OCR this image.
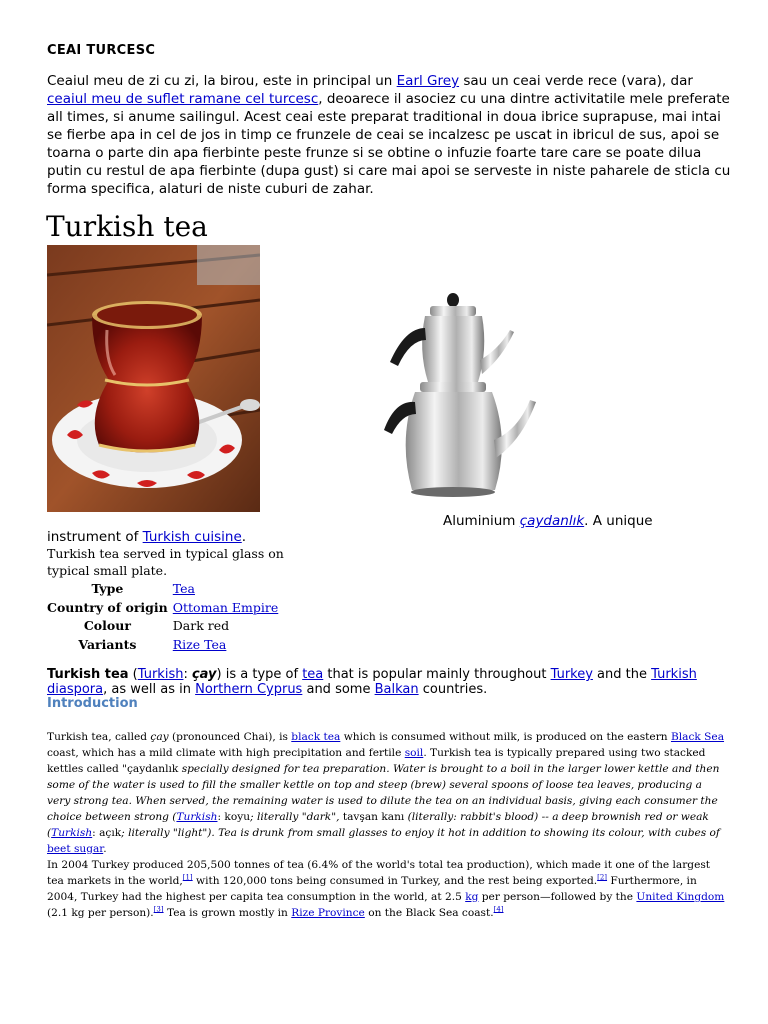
CEAI TURCESC
Ceaiul meu de zi cu zi, la birou, este in principal un Earl Grey sau un ceai verde rece (vara), dar ceaiul meu de suflet ramane cel turcesc, deoarece il asociez cu una dintre activitatile mele preferate all times, si anume sailingul. Acest ceai este preparat traditional in doua ibrice suprapuse, mai intai se fierbe apa in cel de jos in timp ce frunzele de ceai se incalzesc pe uscat in ibricul de sus, apoi se toarna o parte din apa fierbinte peste frunze si se obtine o infuzie foarte tare care se poate dilua putin cu restul de apa fierbinte (dupa gust) si care mai apoi se serveste in niste paharele de sticla cu forma specifica, alaturi de niste cuburi de zahar.
Turkish tea
Aluminium çaydanlık. A unique
instrument of Turkish cuisine.
Turkish tea served in typical glass on typical small plate.
Type	Tea
Country of origin	Ottoman Empire
Colour	Dark red
Variants	Rize Tea
Turkish tea (Turkish: çay) is a type of tea that is popular mainly throughout Turkey and the Turkish diaspora, as well as in Northern Cyprus and some Balkan countries.
Introduction
Turkish tea, called çay (pronounced Chai), is black tea which is consumed without milk, is produced on the eastern Black Sea coast, which has a mild climate with high precipitation and fertile soil. Turkish tea is typically prepared using two stacked kettles called "çaydanlık specially designed for tea preparation. Water is brought to a boil in the larger lower kettle and then some of the water is used to fill the smaller kettle on top and steep (brew) several spoons of loose tea leaves, producing a very strong tea. When served, the remaining water is used to dilute the tea on an individual basis, giving each consumer the choice between strong (Turkish: koyu; literally "dark", tavşan kanı (literally: rabbit's blood) -- a deep brownish red or weak (Turkish: açık; literally "light"). Tea is drunk from small glasses to enjoy it hot in addition to showing its colour, with cubes of beet sugar.
In 2004 Turkey produced 205,500 tonnes of tea (6.4% of the world's total tea production), which made it one of the largest tea markets in the world,[1] with 120,000 tons being consumed in Turkey, and the rest being exported.[2] Furthermore, in 2004, Turkey had the highest per capita tea consumption in the world, at 2.5 kg per person—followed by the United Kingdom (2.1 kg per person).[3] Tea is grown mostly in Rize Province on the Black Sea coast.[4]
